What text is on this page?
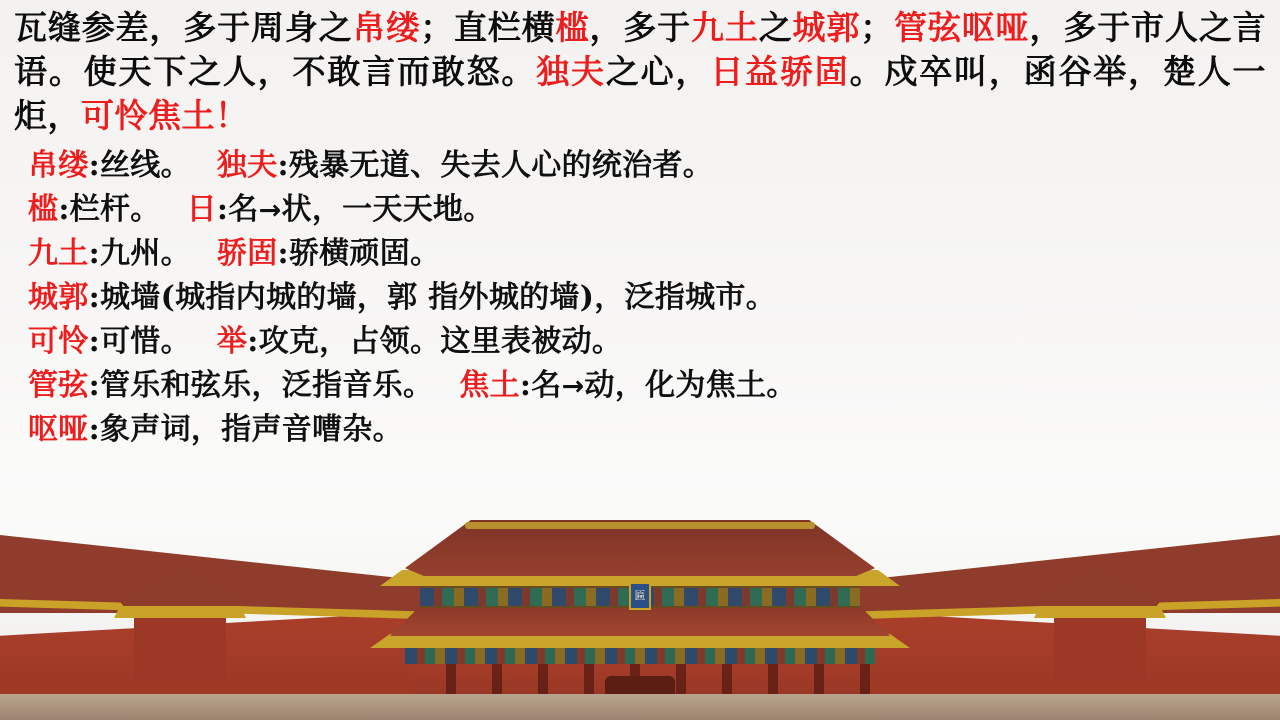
匾

瓦缝参差，多于周身之帛缕；直栏横槛，多于九土之城郭；管弦呕哑，多于市人之言语。使天下之人，不敢言而敢怒。独夫之心，日益骄固。戍卒叫，函谷举，楚人一炬，可怜焦土！

帛缕:丝线。 独夫:残暴无道、失去人心的统治者。
槛:栏杆。 日:名→状，一天天地。
九土:九州。 骄固:骄横顽固。
城郭:城墙(城指内城的墙，郭 指外城的墙)，泛指城市。
可怜:可惜。 举:攻克，占领。这里表被动。
管弦:管乐和弦乐，泛指音乐。 焦土:名→动，化为焦土。
呕哑:象声词，指声音嘈杂。
